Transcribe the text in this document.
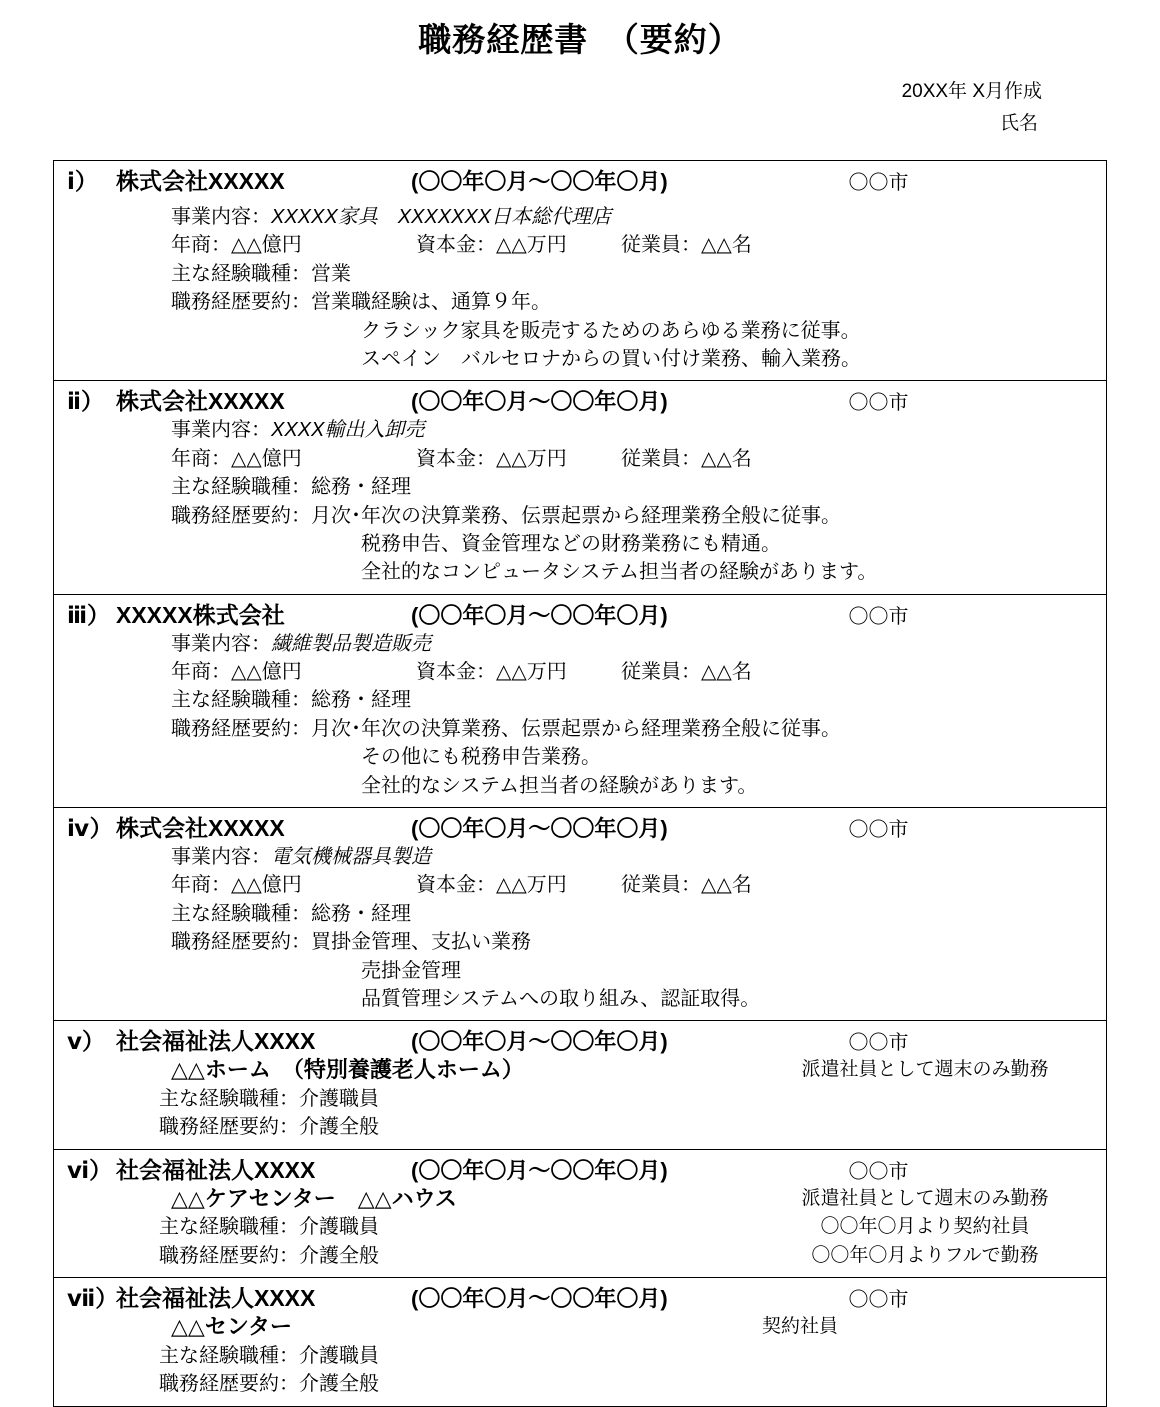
職務経歴書　（要約）
20XX年 X月作成
氏名
ⅰ） 株式会社XXXXX	(〇〇年〇月～〇〇年〇月)	〇〇市
事業内容：XXXXX家具　XXXXXXX日本総代理店
年商：△△億円	資本金：△△万円	従業員：△△名
主な経験職種：営業
職務経歴要約：営業職経験は、通算９年。
クラシック家具を販売するためのあらゆる業務に従事。
スペイン　バルセロナからの買い付け業務、輸入業務。
ⅱ） 株式会社XXXXX	(〇〇年〇月～〇〇年〇月)	〇〇市
事業内容：XXXX輸出入卸売
年商：△△億円	資本金：△△万円	従業員：△△名
主な経験職種：総務・経理
職務経歴要約：月次･年次の決算業務、伝票起票から経理業務全般に従事。
税務申告、資金管理などの財務業務にも精通。
全社的なコンピュータシステム担当者の経験があります。
ⅲ） XXXXX株式会社	(〇〇年〇月～〇〇年〇月)	〇〇市
事業内容：繊維製品製造販売
年商：△△億円	資本金：△△万円	従業員：△△名
主な経験職種：総務・経理
職務経歴要約：月次･年次の決算業務、伝票起票から経理業務全般に従事。
その他にも税務申告業務。
全社的なシステム担当者の経験があります。
ⅳ） 株式会社XXXXX	(〇〇年〇月～〇〇年〇月)	〇〇市
事業内容：電気機械器具製造
年商：△△億円	資本金：△△万円	従業員：△△名
主な経験職種：総務・経理
職務経歴要約：買掛金管理、支払い業務
売掛金管理
品質管理システムへの取り組み、認証取得。
ⅴ） 社会福祉法人XXXX	(〇〇年〇月～〇〇年〇月)	〇〇市
△△ホーム　（特別養護老人ホーム）
主な経験職種：介護職員
職務経歴要約：介護全般
派遣社員として週末のみ勤務
ⅵ） 社会福祉法人XXXX	(〇〇年〇月～〇〇年〇月)	〇〇市
△△ケアセンター　△△ハウス
主な経験職種：介護職員
職務経歴要約：介護全般
派遣社員として週末のみ勤務
〇〇年〇月より契約社員
〇〇年〇月よりフルで勤務
ⅶ）
社会福祉法人XXXX	(〇〇年〇月～〇〇年〇月)	〇〇市
△△センター
主な経験職種：介護職員
職務経歴要約：介護全般
契約社員
